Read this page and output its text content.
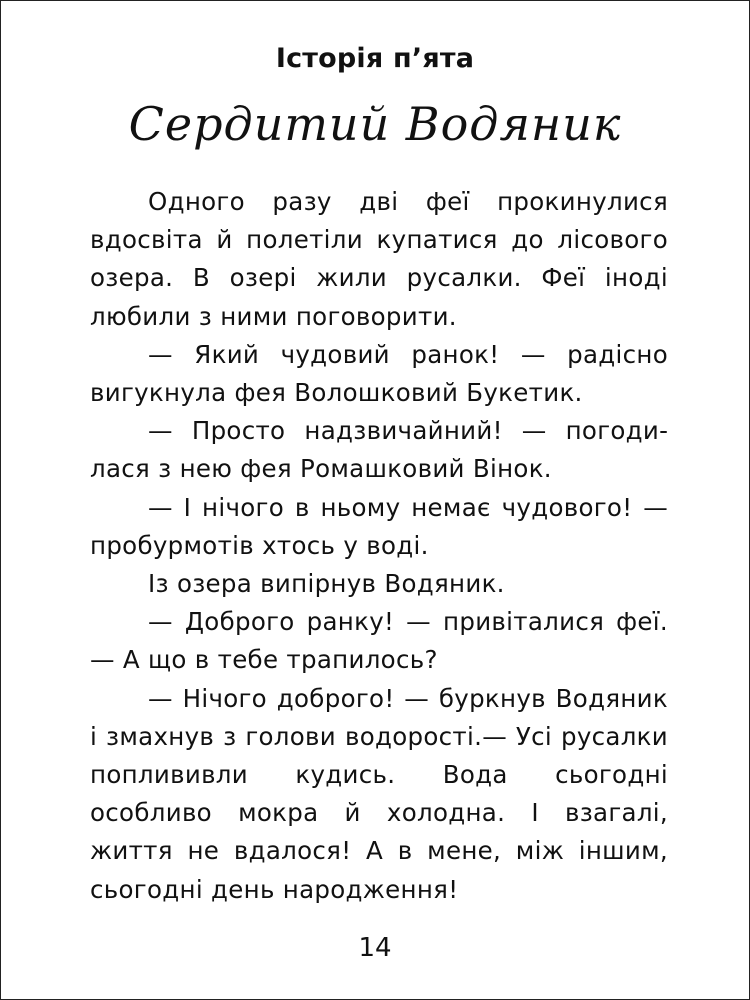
Історія п’ята
Сердитий Водяник

Одного разу дві феї прокинулися вдосвіта й полетіли купатися до лісового озера. В озері жили русалки. Феї іноді любили з ними поговорити.

— Який чудовий ранок! — радісно вигукнула фея Волошковий Букетик.

— Просто надзвичайний! — погодилася з нею фея Ромашковий Вінок.

— І нічого в ньому немає чудового! — пробурмотів хтось у воді.

Із озера випірнув Водяник.

— Доброго ранку! — привіталися феї.— А що в тебе трапилось?

— Нічого доброго! — буркнув Водяник і змахнув з голови водорості.— Усі русалки поплививли кудись. Вода сьогодні особливо мокра й холодна. І взагалі, життя не вдалося! А в мене, між іншим, сьогодні день народження!

14
